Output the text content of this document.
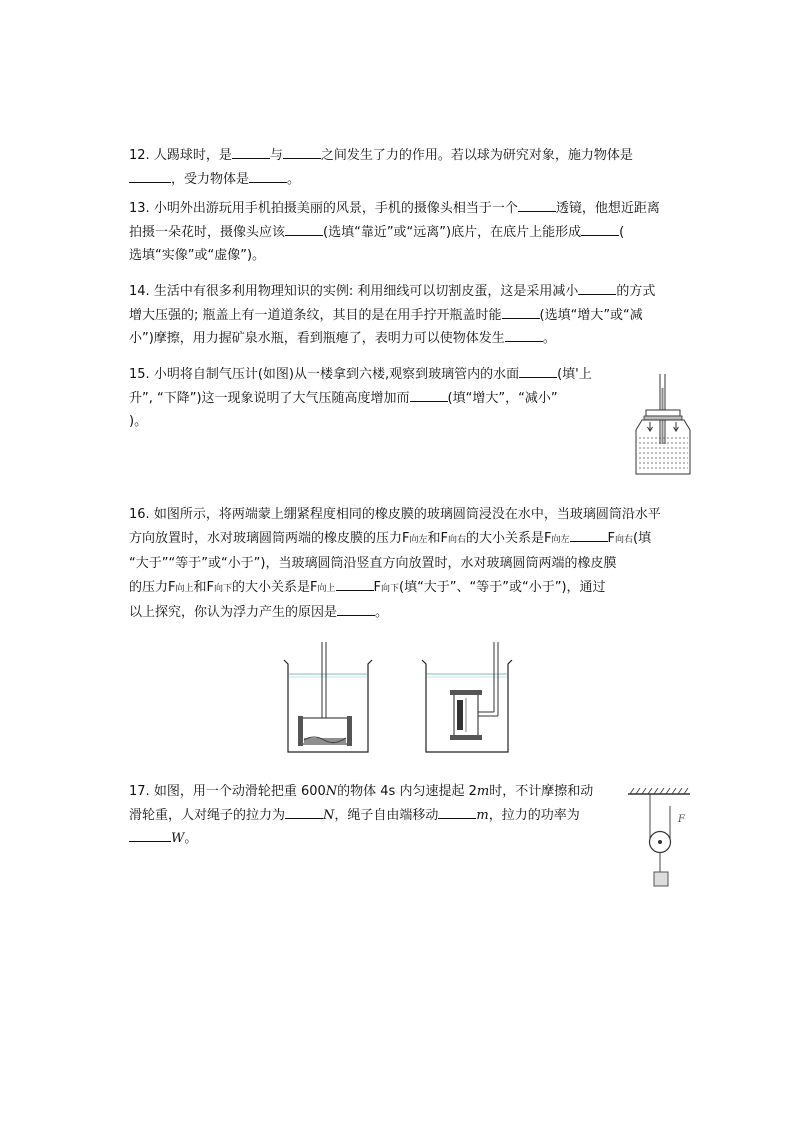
12. 人踢球时，是	与	之间发生了力的作用。若以球为研究对象，施力物体是
，受力物体是	。
13. 小明外出游玩用手机拍摄美丽的风景，手机的摄像头相当于一个	透镜，他想近距离
拍摄一朵花时，摄像头应该	(选填“靠近”或“远离”)底片，在底片上能形成	(
选填“实像”或“虚像”)。
14. 生活中有很多利用物理知识的实例: 利用细线可以切割皮蛋，这是采用减小	的方式
增大压强的; 瓶盖上有一道道条纹，其目的是在用手拧开瓶盖时能	(选填“增大”或“减
小”)摩擦，用力握矿泉水瓶，看到瓶瘪了，表明力可以使物体发生	。
15. 小明将自制气压计(如图)从一楼拿到六楼,观察到玻璃管内的水面	(填'上
升”, “下降”)这一现象说明了大气压随高度增加而	(填“增大”，“减小”
)。
16. 如图所示，将两端蒙上绷紧程度相同的橡皮膜的玻璃圆筒浸没在水中，当玻璃圆筒沿水平
方向放置时，水对玻璃圆筒两端的橡皮膜的压力F向左和F向右的大小关系是F向左	F向右(填
“大于”“等于”或“小于”)，当玻璃圆筒沿竖直方向放置时，水对玻璃圆筒两端的橡皮膜
的压力F向上和F向下的大小关系是F向上	F向下(填“大于”、“等于”或“小于”)，通过
以上探究，你认为浮力产生的原因是	。
17. 如图，用一个动滑轮把重 600N的物体 4s 内匀速提起 2m时，不计摩擦和动
滑轮重，人对绳子的拉力为	N，绳子自由端移动	m，拉力的功率为
W。
F
